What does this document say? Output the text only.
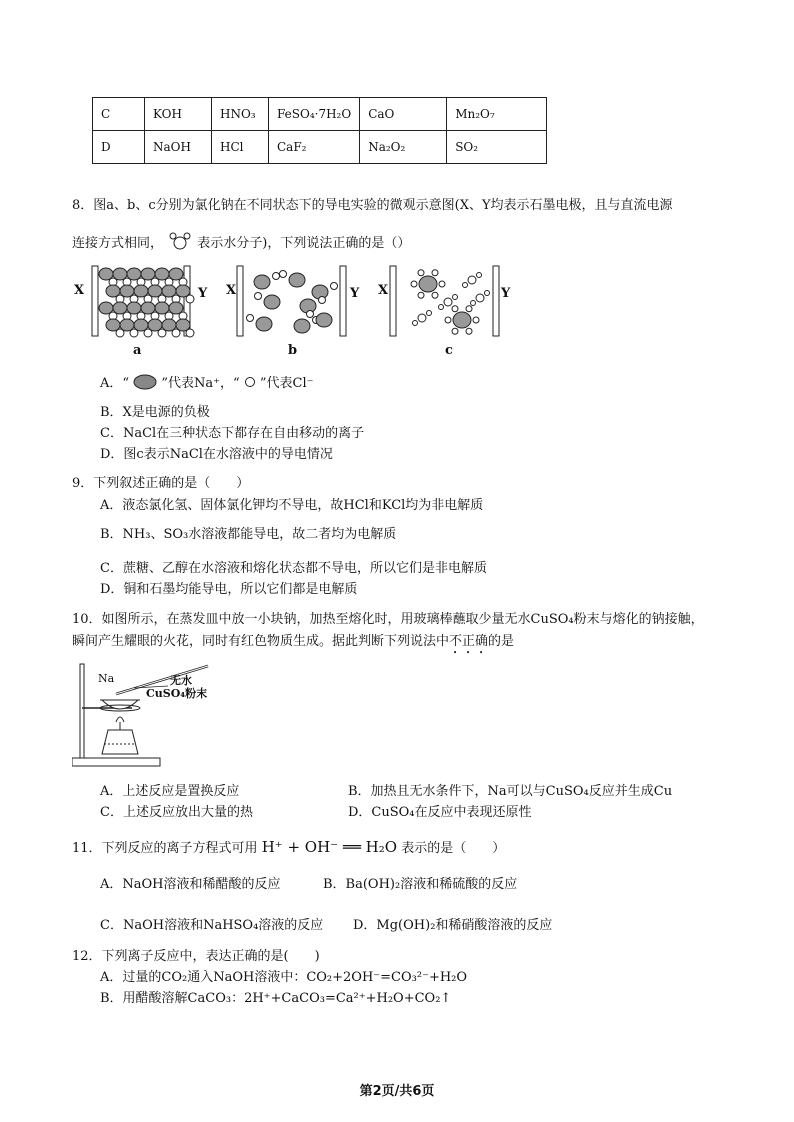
C	KOH	HNO₃	FeSO₄·7H₂O	CaO	Mn₂O₇
D	NaOH	HCl	CaF₂	Na₂O₂	SO₂
8．图a、b、c分别为氯化钠在不同状态下的导电实验的微观示意图(X、Y均表示石墨电极，且与直流电源
连接方式相同，	表示水分子)，下列说法正确的是（）
X	Y X	Y X	Y
a	b	c
A．“ ”代表Na⁺，“ ”代表Cl⁻
B．X是电源的负极
C．NaCl在三种状态下都存在自由移动的离子
D．图c表示NaCl在水溶液中的导电情况
9．下列叙述正确的是（　　）
A．液态氯化氢、固体氯化钾均不导电，故HCl和KCl均为非电解质
B．NH₃、SO₃水溶液都能导电，故二者均为电解质
C．蔗糖、乙醇在水溶液和熔化状态都不导电，所以它们是非电解质
D．铜和石墨均能导电，所以它们都是电解质
10．如图所示，在蒸发皿中放一小块钠，加热至熔化时，用玻璃棒蘸取少量无水CuSO₄粉末与熔化的钠接触，
瞬间产生耀眼的火花，同时有红色物质生成。据此判断下列说法中不正确的是
Na	无水
CuSO₄粉末
A．上述反应是置换反应	B．加热且无水条件下，Na可以与CuSO₄反应并生成Cu
C．上述反应放出大量的热	D．CuSO₄在反应中表现还原性
11．下列反应的离子方程式可用 H⁺ + OH⁻ ══ H₂O 表示的是（　　）
A．NaOH溶液和稀醋酸的反应	B．Ba(OH)₂溶液和稀硫酸的反应
C．NaOH溶液和NaHSO₄溶液的反应 D．Mg(OH)₂和稀硝酸溶液的反应
12．下列离子反应中，表达正确的是(　　)
A．过量的CO₂通入NaOH溶液中：CO₂+2OH⁻=CO₃²⁻+H₂O
B．用醋酸溶解CaCO₃：2H⁺+CaCO₃=Ca²⁺+H₂O+CO₂↑
第2页/共6页
